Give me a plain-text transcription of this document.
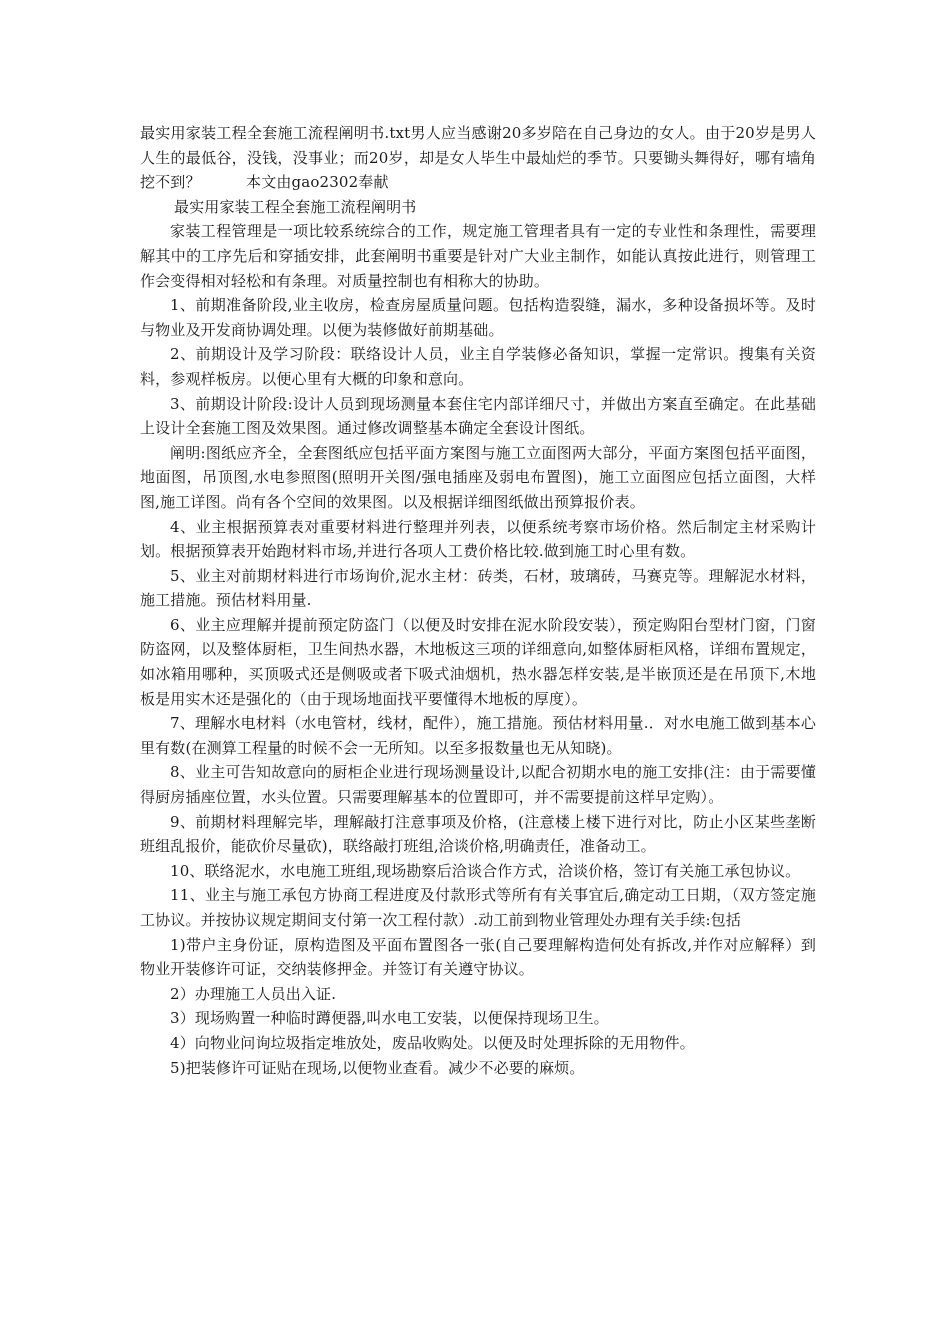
最实用家装工程全套施工流程阐明书.txt男人应当感谢20多岁陪在自己身边的女人。由于20岁是男人人生的最低谷，没钱，没事业；而20岁，却是女人毕生中最灿烂的季节。只要锄头舞得好，哪有墙角挖不到？　　　本文由gao2302奉献

最实用家装工程全套施工流程阐明书

家装工程管理是一项比较系统综合的工作，规定施工管理者具有一定的专业性和条理性，需要理解其中的工序先后和穿插安排，此套阐明书重要是针对广大业主制作，如能认真按此进行，则管理工作会变得相对轻松和有条理。对质量控制也有相称大的协助。

1、前期准备阶段,业主收房，检查房屋质量问题。包括构造裂缝，漏水，多种设备损坏等。及时与物业及开发商协调处理。以便为装修做好前期基础。

2、前期设计及学习阶段：联络设计人员，业主自学装修必备知识，掌握一定常识。搜集有关资料，参观样板房。以便心里有大概的印象和意向。

3、前期设计阶段:设计人员到现场测量本套住宅内部详细尺寸，并做出方案直至确定。在此基础上设计全套施工图及效果图。通过修改调整基本确定全套设计图纸。

阐明:图纸应齐全，全套图纸应包括平面方案图与施工立面图两大部分，平面方案图包括平面图，地面图，吊顶图,水电参照图(照明开关图/强电插座及弱电布置图)，施工立面图应包括立面图，大样图,施工详图。尚有各个空间的效果图。以及根据详细图纸做出预算报价表。

4、业主根据预算表对重要材料进行整理并列表，以便系统考察市场价格。然后制定主材采购计划。根据预算表开始跑材料市场,并进行各项人工费价格比较.做到施工时心里有数。

5、业主对前期材料进行市场询价,泥水主材：砖类，石材，玻璃砖，马赛克等。理解泥水材料，施工措施。预估材料用量.

6、业主应理解并提前预定防盗门（以便及时安排在泥水阶段安装），预定购阳台型材门窗，门窗防盗网，以及整体厨柜，卫生间热水器，木地板这三项的详细意向,如整体厨柜风格，详细布置规定，如冰箱用哪种，买顶吸式还是侧吸或者下吸式油烟机，热水器怎样安装,是半嵌顶还是在吊顶下,木地板是用实木还是强化的（由于现场地面找平要懂得木地板的厚度）。

7、理解水电材料（水电管材，线材，配件），施工措施。预估材料用量.．对水电施工做到基本心里有数(在测算工程量的时候不会一无所知。以至多报数量也无从知晓)。

8、业主可告知故意向的厨柜企业进行现场测量设计,以配合初期水电的施工安排(注：由于需要懂得厨房插座位置，水头位置。只需要理解基本的位置即可，并不需要提前这样早定购）。

9、前期材料理解完毕，理解敲打注意事项及价格，(注意楼上楼下进行对比，防止小区某些垄断班组乱报价，能砍价尽量砍)，联络敲打班组,洽谈价格,明确责任，准备动工。

10、联络泥水，水电施工班组,现场勘察后洽谈合作方式，洽谈价格，签订有关施工承包协议。

11、业主与施工承包方协商工程进度及付款形式等所有有关事宜后,确定动工日期，（双方签定施工协议。并按协议规定期间支付第一次工程付款）.动工前到物业管理处办理有关手续:包括

1)带户主身份证，原构造图及平面布置图各一张(自己要理解构造何处有拆改,并作对应解释）到物业开装修许可证，交纳装修押金。并签订有关遵守协议。

2）办理施工人员出入证.

3）现场购置一种临时蹲便器,叫水电工安装，以便保持现场卫生。

4）向物业问询垃圾指定堆放处，废品收购处。以便及时处理拆除的无用物件。

5)把装修许可证贴在现场,以便物业查看。减少不必要的麻烦。
